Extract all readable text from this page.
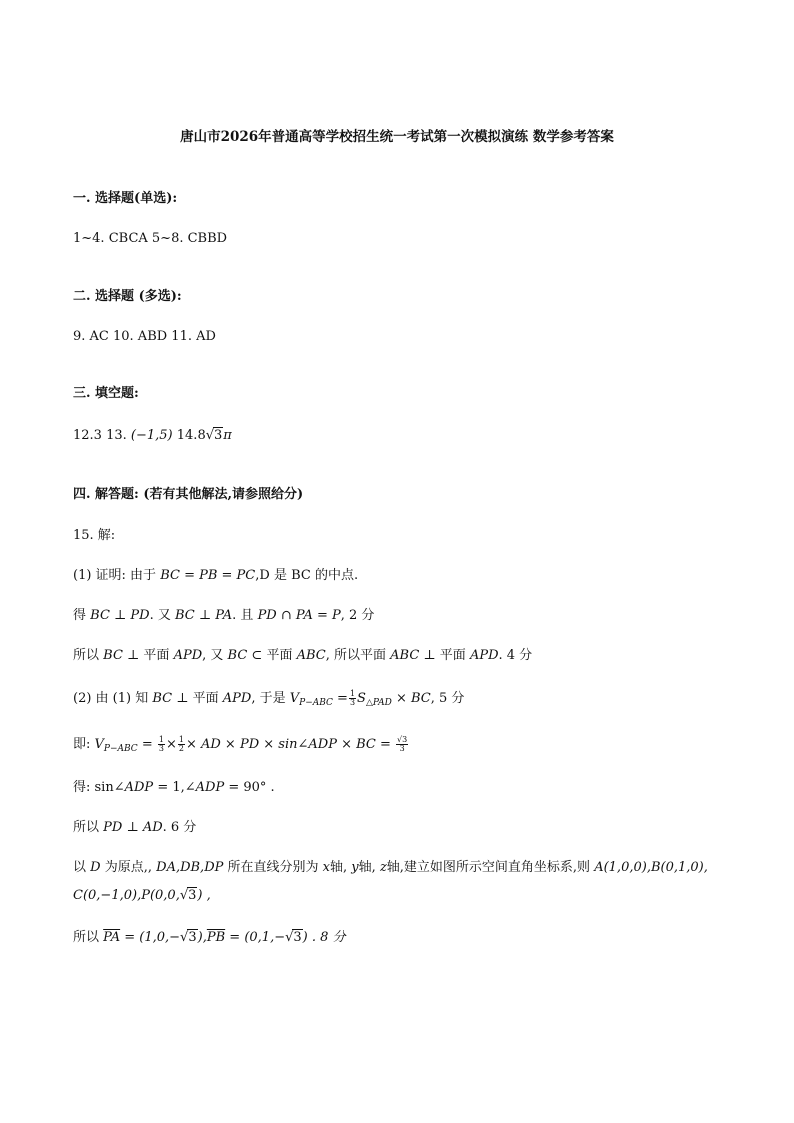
唐山市2026年普通高等学校招生统一考试第一次模拟演练 数学参考答案
一. 选择题(单选):
1~4. CBCA 5~8. CBBD
二. 选择题 (多选):
9. AC 10. ABD 11. AD
三. 填空题:
12.3 13. (−1,5) 14.8√3π
四. 解答题: (若有其他解法,请参照给分)
15. 解:
(1) 证明: 由于 BC = PB = PC,D 是 BC 的中点.
得 BC ⊥ PD. 又 BC ⊥ PA. 且 PD ∩ PA = P, 2 分
所以 BC ⊥ 平面 APD, 又 BC ⊂ 平面 ABC, 所以平面 ABC ⊥ 平面 APD. 4 分
(2) 由 (1) 知 BC ⊥ 平面 APD, 于是 $V_{P-ABC} = \frac{1}{3} S_{\triangle PAD}$ × BC, 5 分
即: $V_{P-ABC} = \frac{1}{3} \times \frac{1}{2}$ × AD × PD × sin∠ADP × BC = $\frac{√3}{3}$
得: sin∠ADP = 1,∠ADP = 90° .
所以 PD ⊥ AD. 6 分
以 D 为原点,, DA,DB,DP 所在直线分别为 x轴, y轴, z轴,建立如图所示空间直角坐标系,则 A(1,0,0),B(0,1,0),
C(0,−1,0),P(0,0,√3) ,
所以 $\overline{PA} = (1,0,-√3),\overline{PB} = (0,1,-√3)$ . 8 分
